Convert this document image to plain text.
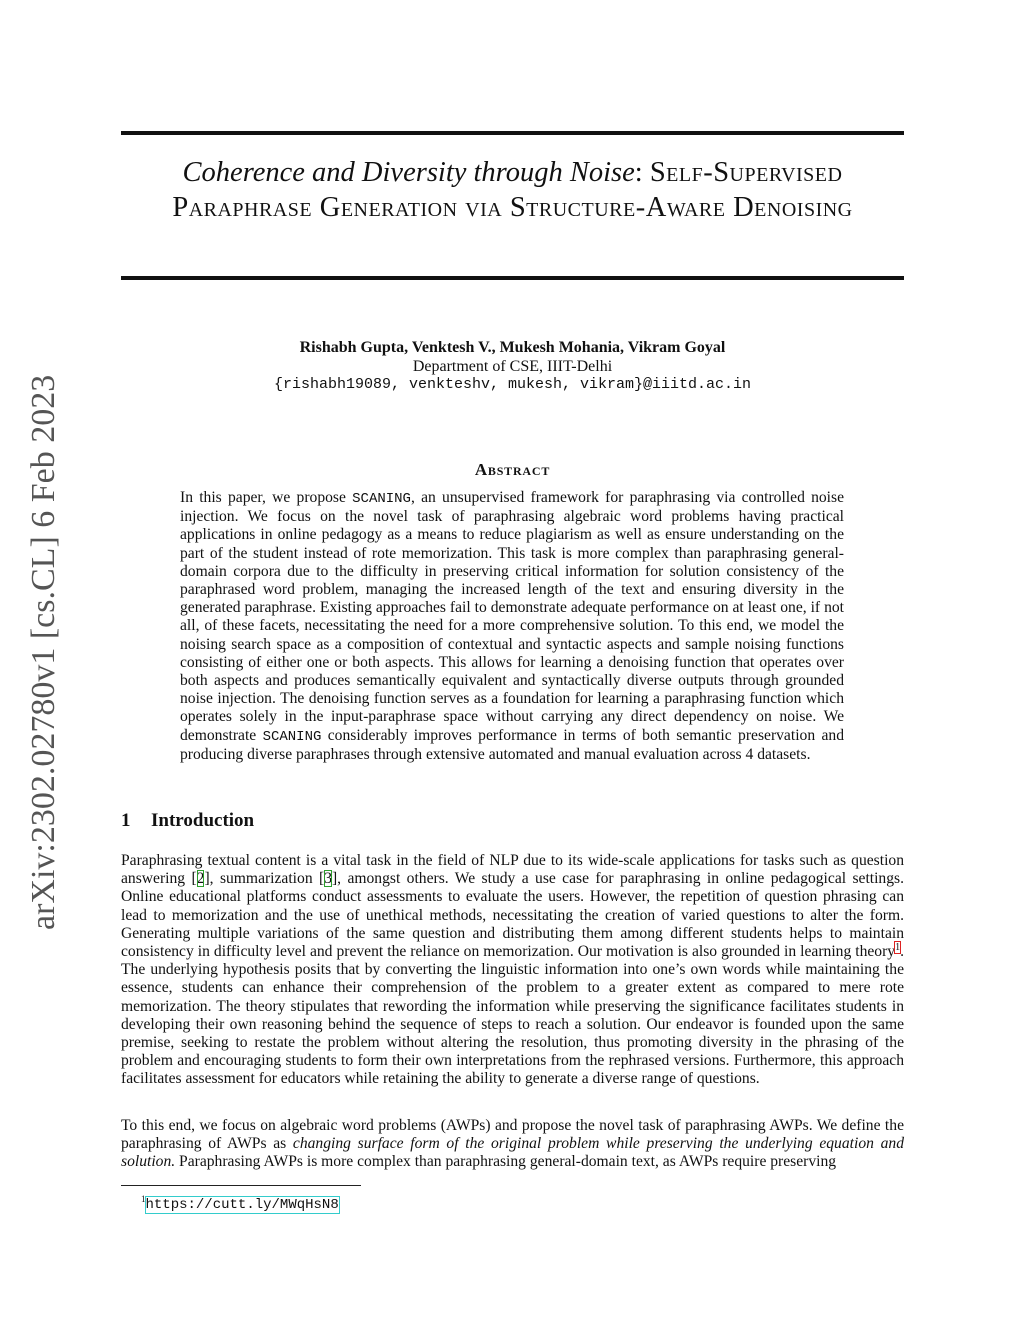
arXiv:2302.02780v1 [cs.CL] 6 Feb 2023
Coherence and Diversity through Noise: Self-Supervised Paraphrase Generation via Structure-Aware Denoising
Rishabh Gupta, Venktesh V., Mukesh Mohania, Vikram Goyal
Department of CSE, IIIT-Delhi
{rishabh19089, venkteshv, mukesh, vikram}@iiitd.ac.in
Abstract

In this paper, we propose SCANING, an unsupervised framework for paraphrasing via controlled noise injection. We focus on the novel task of paraphrasing algebraic word problems having practical applications in online pedagogy as a means to reduce plagiarism as well as ensure understanding on the part of the student instead of rote memorization. This task is more complex than paraphrasing general-domain corpora due to the difficulty in preserving critical information for solution consistency of the paraphrased word problem, managing the increased length of the text and ensuring diversity in the generated paraphrase. Existing approaches fail to demonstrate adequate performance on at least one, if not all, of these facets, necessitating the need for a more comprehensive solution. To this end, we model the noising search space as a composition of contextual and syntactic aspects and sample noising functions consisting of either one or both aspects. This allows for learning a denoising function that operates over both aspects and produces semantically equivalent and syntactically diverse outputs through grounded noise injection. The denoising function serves as a foundation for learning a paraphrasing function which operates solely in the input-paraphrase space without carrying any direct dependency on noise. We demonstrate SCANING considerably improves performance in terms of both semantic preservation and producing diverse paraphrases through extensive automated and manual evaluation across 4 datasets.

1 Introduction

Paraphrasing textual content is a vital task in the field of NLP due to its wide-scale applications for tasks such as question answering [2], summarization [3], amongst others. We study a use case for paraphrasing in online pedagogical settings. Online educational platforms conduct assessments to evaluate the users. However, the repetition of question phrasing can lead to memorization and the use of unethical methods, necessitating the creation of varied questions to alter the form. Generating multiple variations of the same question and distributing them among different students helps to maintain consistency in difficulty level and prevent the reliance on memorization. Our motivation is also grounded in learning theory$^1$. The underlying hypothesis posits that by converting the linguistic information into one’s own words while maintaining the essence, students can enhance their comprehension of the problem to a greater extent as compared to mere rote memorization. The theory stipulates that rewording the information while preserving the significance facilitates students in developing their own reasoning behind the sequence of steps to reach a solution. Our endeavor is founded upon the same premise, seeking to restate the problem without altering the resolution, thus promoting diversity in the phrasing of the problem and encouraging students to form their own interpretations from the rephrased versions. Furthermore, this approach facilitates assessment for educators while retaining the ability to generate a diverse range of questions.

To this end, we focus on algebraic word problems (AWPs) and propose the novel task of paraphrasing AWPs. We define the paraphrasing of AWPs as changing surface form of the original problem while preserving the underlying equation and solution. Paraphrasing AWPs is more complex than paraphrasing general-domain text, as AWPs require preserving

$^1$https://cutt.ly/MWqHsN8
